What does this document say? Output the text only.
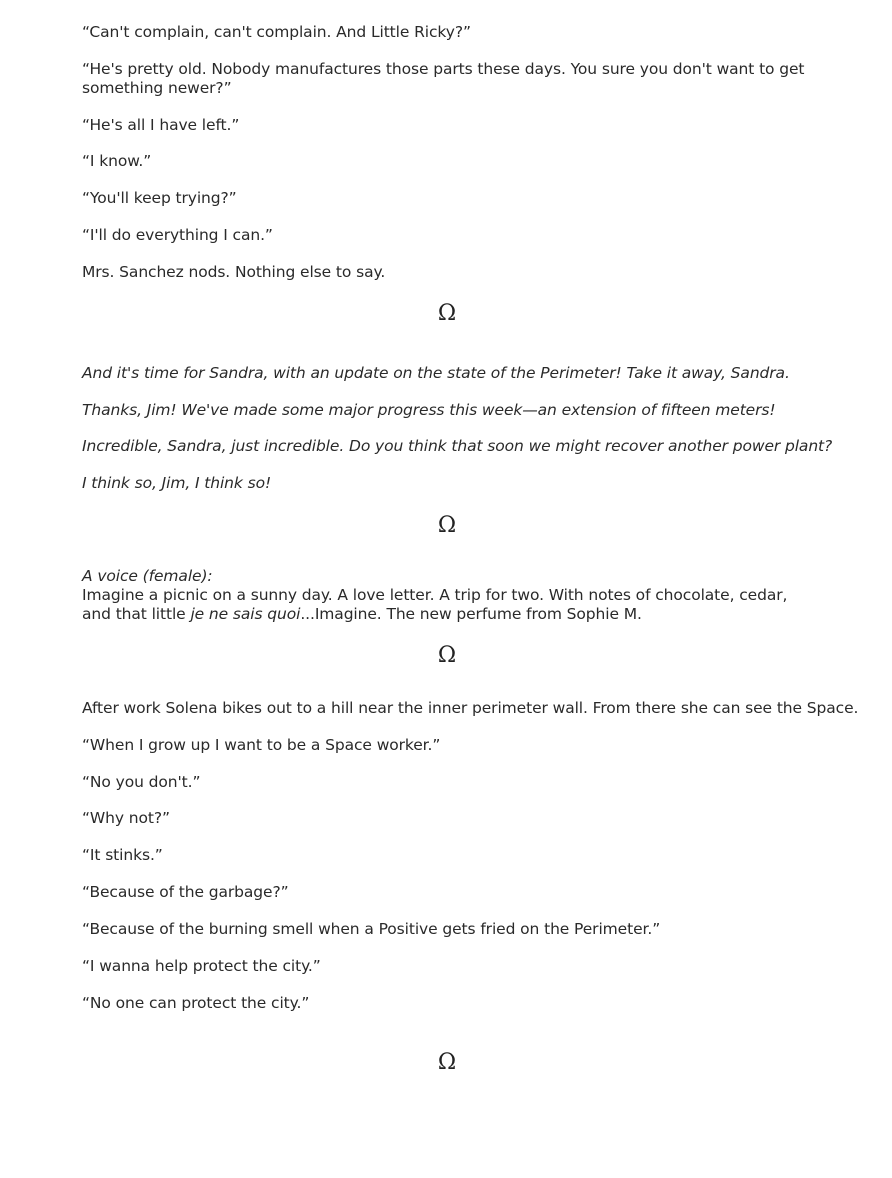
“Can't complain, can't complain. And Little Ricky?”
“He's pretty old. Nobody manufactures those parts these days. You sure you don't want to get something newer?”
“He's all I have left.”
“I know.”
“You'll keep trying?”
“I'll do everything I can.”
Mrs. Sanchez nods. Nothing else to say.
Ω
And it's time for Sandra, with an update on the state of the Perimeter! Take it away, Sandra.
Thanks, Jim! We've made some major progress this week—an extension of fifteen meters!
Incredible, Sandra, just incredible. Do you think that soon we might recover another power plant?
I think so, Jim, I think so!
Ω
A voice (female):
Imagine a picnic on a sunny day. A love letter. A trip for two. With notes of chocolate, cedar, and that little je ne sais quoi...Imagine. The new perfume from Sophie M.
Ω
After work Solena bikes out to a hill near the inner perimeter wall. From there she can see the Space.
“When I grow up I want to be a Space worker.”
“No you don't.”
“Why not?”
“It stinks.”
“Because of the garbage?”
“Because of the burning smell when a Positive gets fried on the Perimeter.”
“I wanna help protect the city.”
“No one can protect the city.”
Ω
